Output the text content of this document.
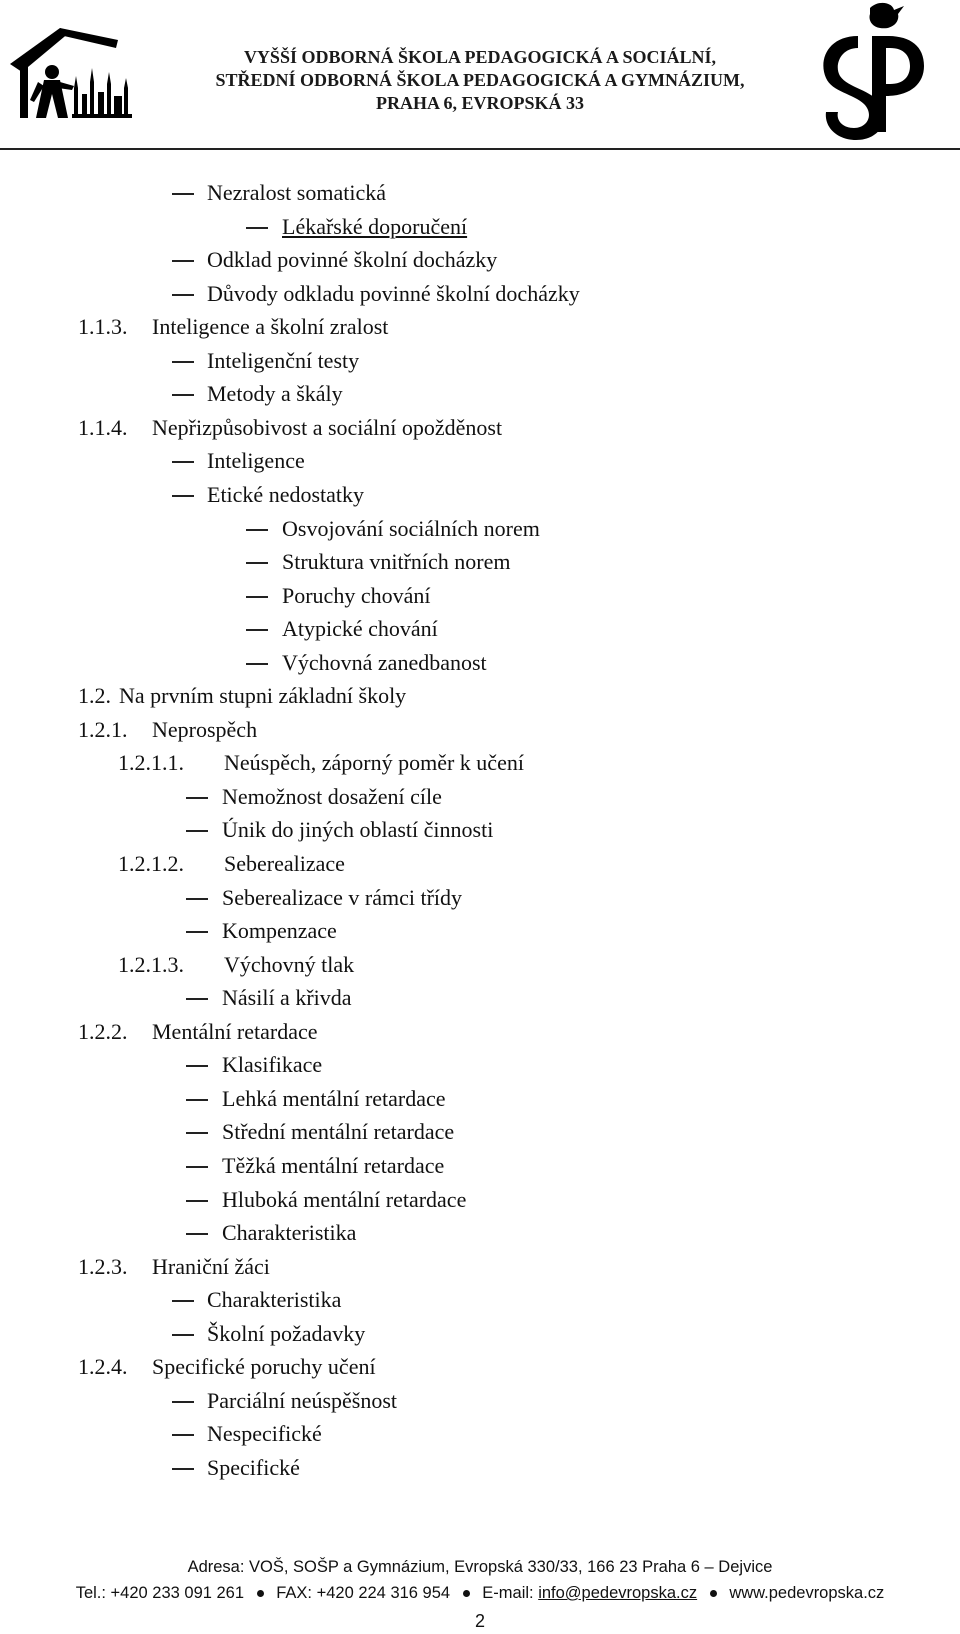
VYŠŠÍ ODBORNÁ ŠKOLA PEDAGOGICKÁ A SOCIÁLNÍ,
STŘEDNÍ ODBORNÁ ŠKOLA PEDAGOGICKÁ A GYMNÁZIUM,
PRAHA 6, EVROPSKÁ 33
Nezralost somatická
Lékařské doporučení
Odklad povinné školní docházky
Důvody odkladu povinné školní docházky
1.1.3. Inteligence a školní zralost
Inteligenční testy
Metody a škály
1.1.4. Nepřizpůsobivost a sociální opožděnost
Inteligence
Etické nedostatky
Osvojování sociálních norem
Struktura vnitřních norem
Poruchy chování
Atypické chování
Výchovná zanedbanost
1.2. Na prvním stupni základní školy
1.2.1. Neprospěch
1.2.1.1. Neúspěch, záporný poměr k učení
Nemožnost dosažení cíle
Únik do jiných oblastí činnosti
1.2.1.2. Seberealizace
Seberealizace v rámci třídy
Kompenzace
1.2.1.3. Výchovný tlak
Násilí a křivda
1.2.2. Mentální retardace
Klasifikace
Lehká mentální retardace
Střední mentální retardace
Těžká mentální retardace
Hluboká mentální retardace
Charakteristika
1.2.3. Hraniční žáci
Charakteristika
Školní požadavky
1.2.4. Specifické poruchy učení
Parciální neúspěšnost
Nespecifické
Specifické
Adresa: VOŠ, SOŠP a Gymnázium, Evropská 330/33, 166 23 Praha 6 – Dejvice
Tel.: +420 233 091 261 FAX: +420 224 316 954 E-mail: info@pedevropska.cz www.pedevropska.cz
2
